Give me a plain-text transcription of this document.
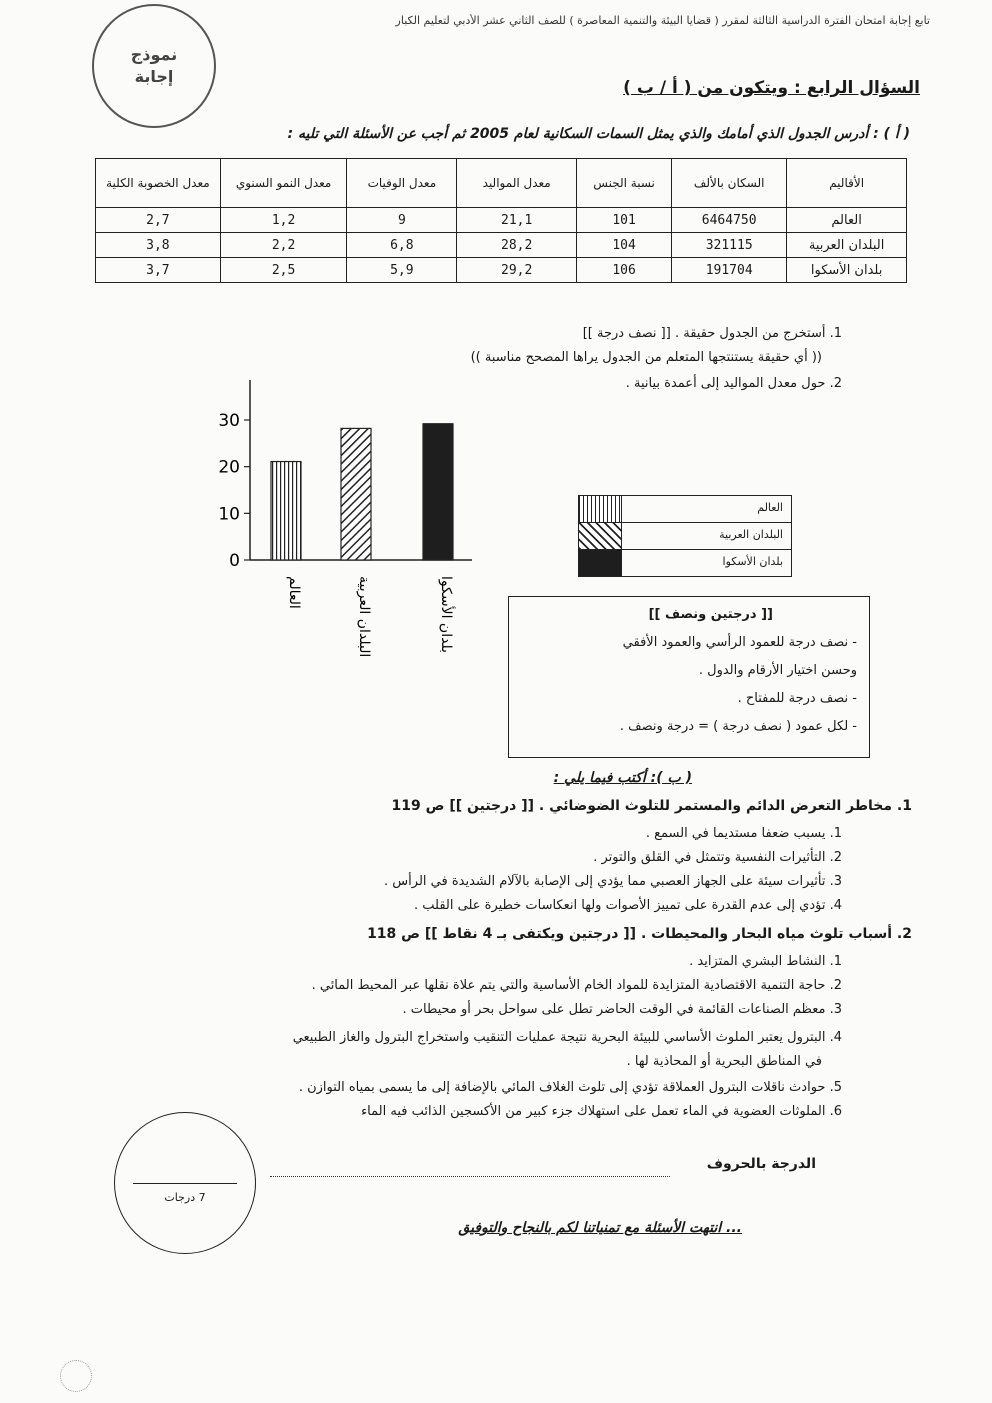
تابع إجابة امتحان الفترة الدراسية الثالثة لمقرر ( قضايا البيئة والتنمية المعاصرة ) للصف الثاني عشر الأدبي لتعليم الكبار
نموذج
إجابة
السؤال الرابع : ويتكون من ( أ / ب )
( أ ) : أدرس الجدول الذي أمامك والذي يمثل السمات السكانية لعام 2005 ثم أجب عن الأسئلة التي تليه :
الأقاليم	السكان بالألف	نسبة الجنس	معدل المواليد	معدل الوفيات	معدل النمو السنوي	معدل الخصوبة الكلية
العالم	6464750	101	21,1	9	1,2	2,7
البلدان العربية	321115	104	28,2	6,8	2,2	3,8
بلدان الأسكوا	191704	106	29,2	5,9	2,5	3,7
1. أستخرج من الجدول حقيقة . [[ نصف درجة ]]
(( أي حقيقة يستنتجها المتعلم من الجدول يراها المصحح مناسبة ))
2. حول معدل المواليد إلى أعمدة بيانية .
0
10
20
30
العالم	البلدان العربية	بلدان الأسكوا
العالم
البلدان العربية
بلدان الأسكوا
[[ درجتين ونصف ]]
- نصف درجة للعمود الرأسي والعمود الأفقي
وحسن اختيار الأرقام والدول .
- نصف درجة للمفتاح .
- لكل عمود ( نصف درجة ) = درجة ونصف .
( ب ): أكتب فيما يلي :
1. مخاطر التعرض الدائم والمستمر للتلوث الضوضائي . [[ درجتين ]] ص 119
1. يسبب ضعفا مستديما في السمع .
2. التأثيرات النفسية وتتمثل في القلق والتوتر .
3. تأثيرات سيئة على الجهاز العصبي مما يؤدي إلى الإصابة بالآلام الشديدة في الرأس .
4. تؤدي إلى عدم القدرة على تمييز الأصوات ولها انعكاسات خطيرة على القلب .
2. أسباب تلوث مياه البحار والمحيطات . [[ درجتين ويكتفى بـ 4 نقاط ]] ص 118
1. النشاط البشري المتزايد .
2. حاجة التنمية الاقتصادية المتزايدة للمواد الخام الأساسية والتي يتم علاة نقلها عبر المحيط المائي .
3. معظم الصناعات القائمة في الوقت الحاضر تطل على سواحل بحر أو محيطات .
4. البترول يعتبر الملوث الأساسي للبيئة البحرية نتيجة عمليات التنقيب واستخراج البترول والغاز الطبيعي
في المناطق البحرية أو المحاذية لها .
5. حوادث ناقلات البترول العملاقة تؤدي إلى تلوث الغلاف المائي بالإضافة إلى ما يسمى بمياه التوازن .
6. الملوثات العضوية في الماء تعمل على استهلاك جزء كبير من الأكسجين الذائب فيه الماء
7 درجات
الدرجة بالحروف
... انتهت الأسئلة مع تمنياتنا لكم بالنجاح والتوفيق
